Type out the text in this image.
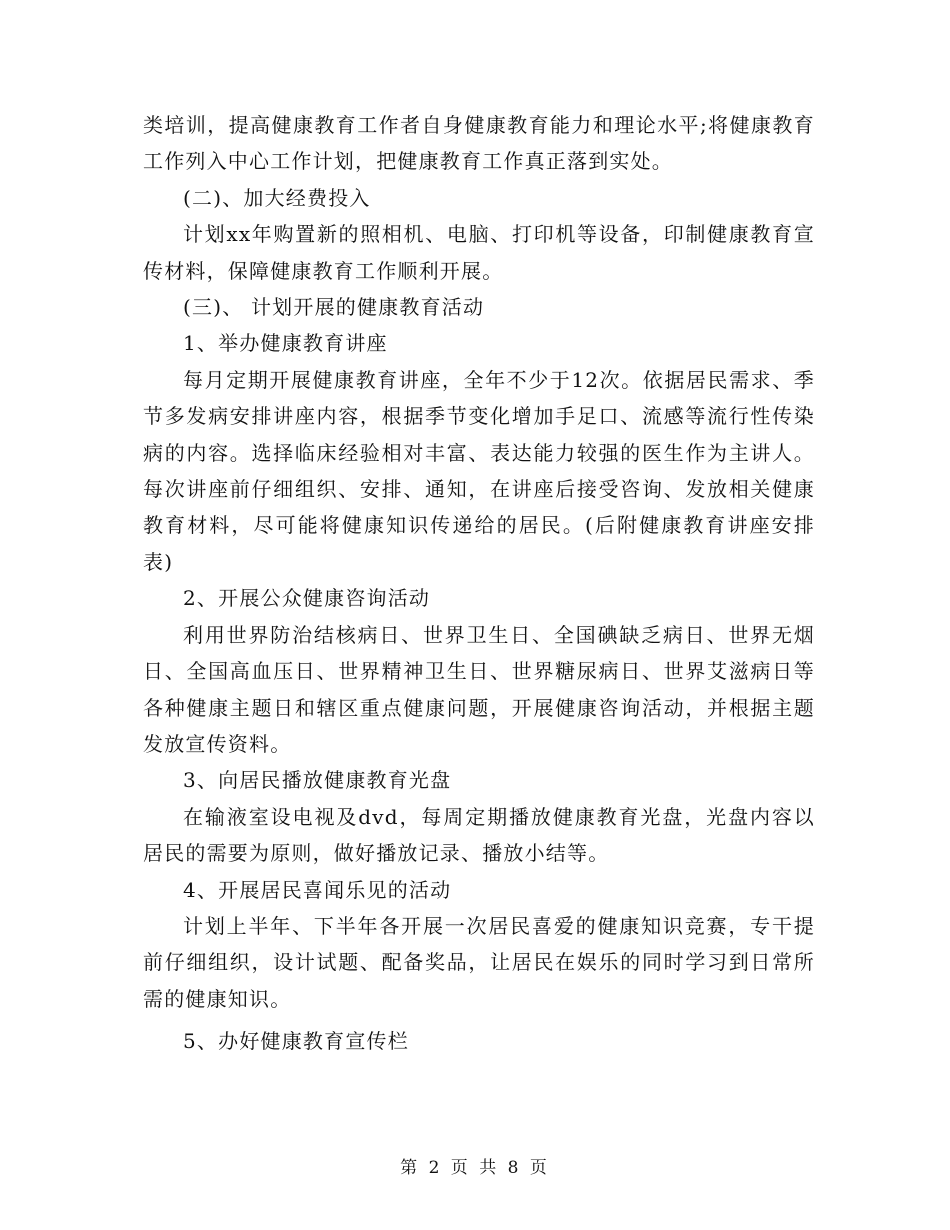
类培训，提高健康教育工作者自身健康教育能力和理论水平;将健康教育工作列入中心工作计划，把健康教育工作真正落到实处。

(二)、加大经费投入

计划xx年购置新的照相机、电脑、打印机等设备，印制健康教育宣传材料，保障健康教育工作顺利开展。

(三)、 计划开展的健康教育活动

1、举办健康教育讲座

每月定期开展健康教育讲座，全年不少于12次。依据居民需求、季节多发病安排讲座内容，根据季节变化增加手足口、流感等流行性传染病的内容。选择临床经验相对丰富、表达能力较强的医生作为主讲人。每次讲座前仔细组织、安排、通知，在讲座后接受咨询、发放相关健康教育材料，尽可能将健康知识传递给的居民。(后附健康教育讲座安排表)

2、开展公众健康咨询活动

利用世界防治结核病日、世界卫生日、全国碘缺乏病日、世界无烟日、全国高血压日、世界精神卫生日、世界糖尿病日、世界艾滋病日等各种健康主题日和辖区重点健康问题，开展健康咨询活动，并根据主题发放宣传资料。

3、向居民播放健康教育光盘

在输液室设电视及dvd，每周定期播放健康教育光盘，光盘内容以居民的需要为原则，做好播放记录、播放小结等。

4、开展居民喜闻乐见的活动

计划上半年、下半年各开展一次居民喜爱的健康知识竞赛，专干提前仔细组织，设计试题、配备奖品，让居民在娱乐的同时学习到日常所需的健康知识。

5、办好健康教育宣传栏

第 2 页 共 8 页
